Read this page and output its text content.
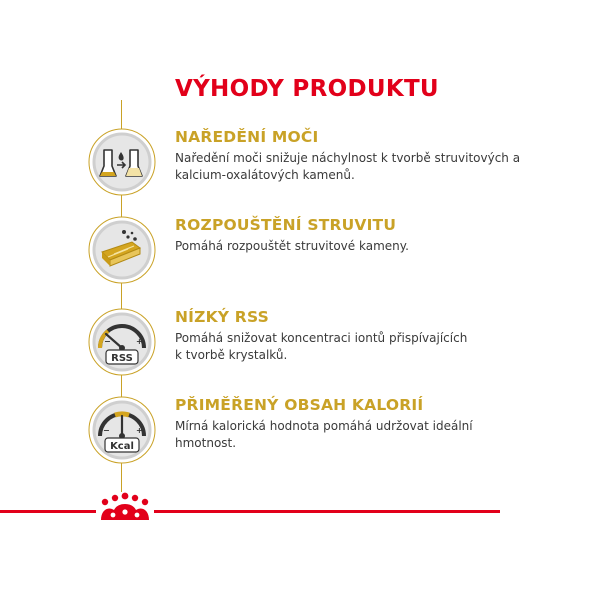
VÝHODY PRODUKTU
NAŘEDĚNÍ MOČI
Naředění moči snižuje náchylnost k tvorbě struvitových a
kalcium-oxalátových kamenů.
ROZPOUŠTĚNÍ STRUVITU
Pomáhá rozpouštět struvitové kameny.
−	+
RSS
NÍZKÝ RSS
Pomáhá snižovat koncentraci iontů přispívajících
k tvorbě krystalků.
−	+
Kcal
PŘIMĚŘENÝ OBSAH KALORIÍ
Mírná kalorická hodnota pomáhá udržovat ideální
hmotnost.
